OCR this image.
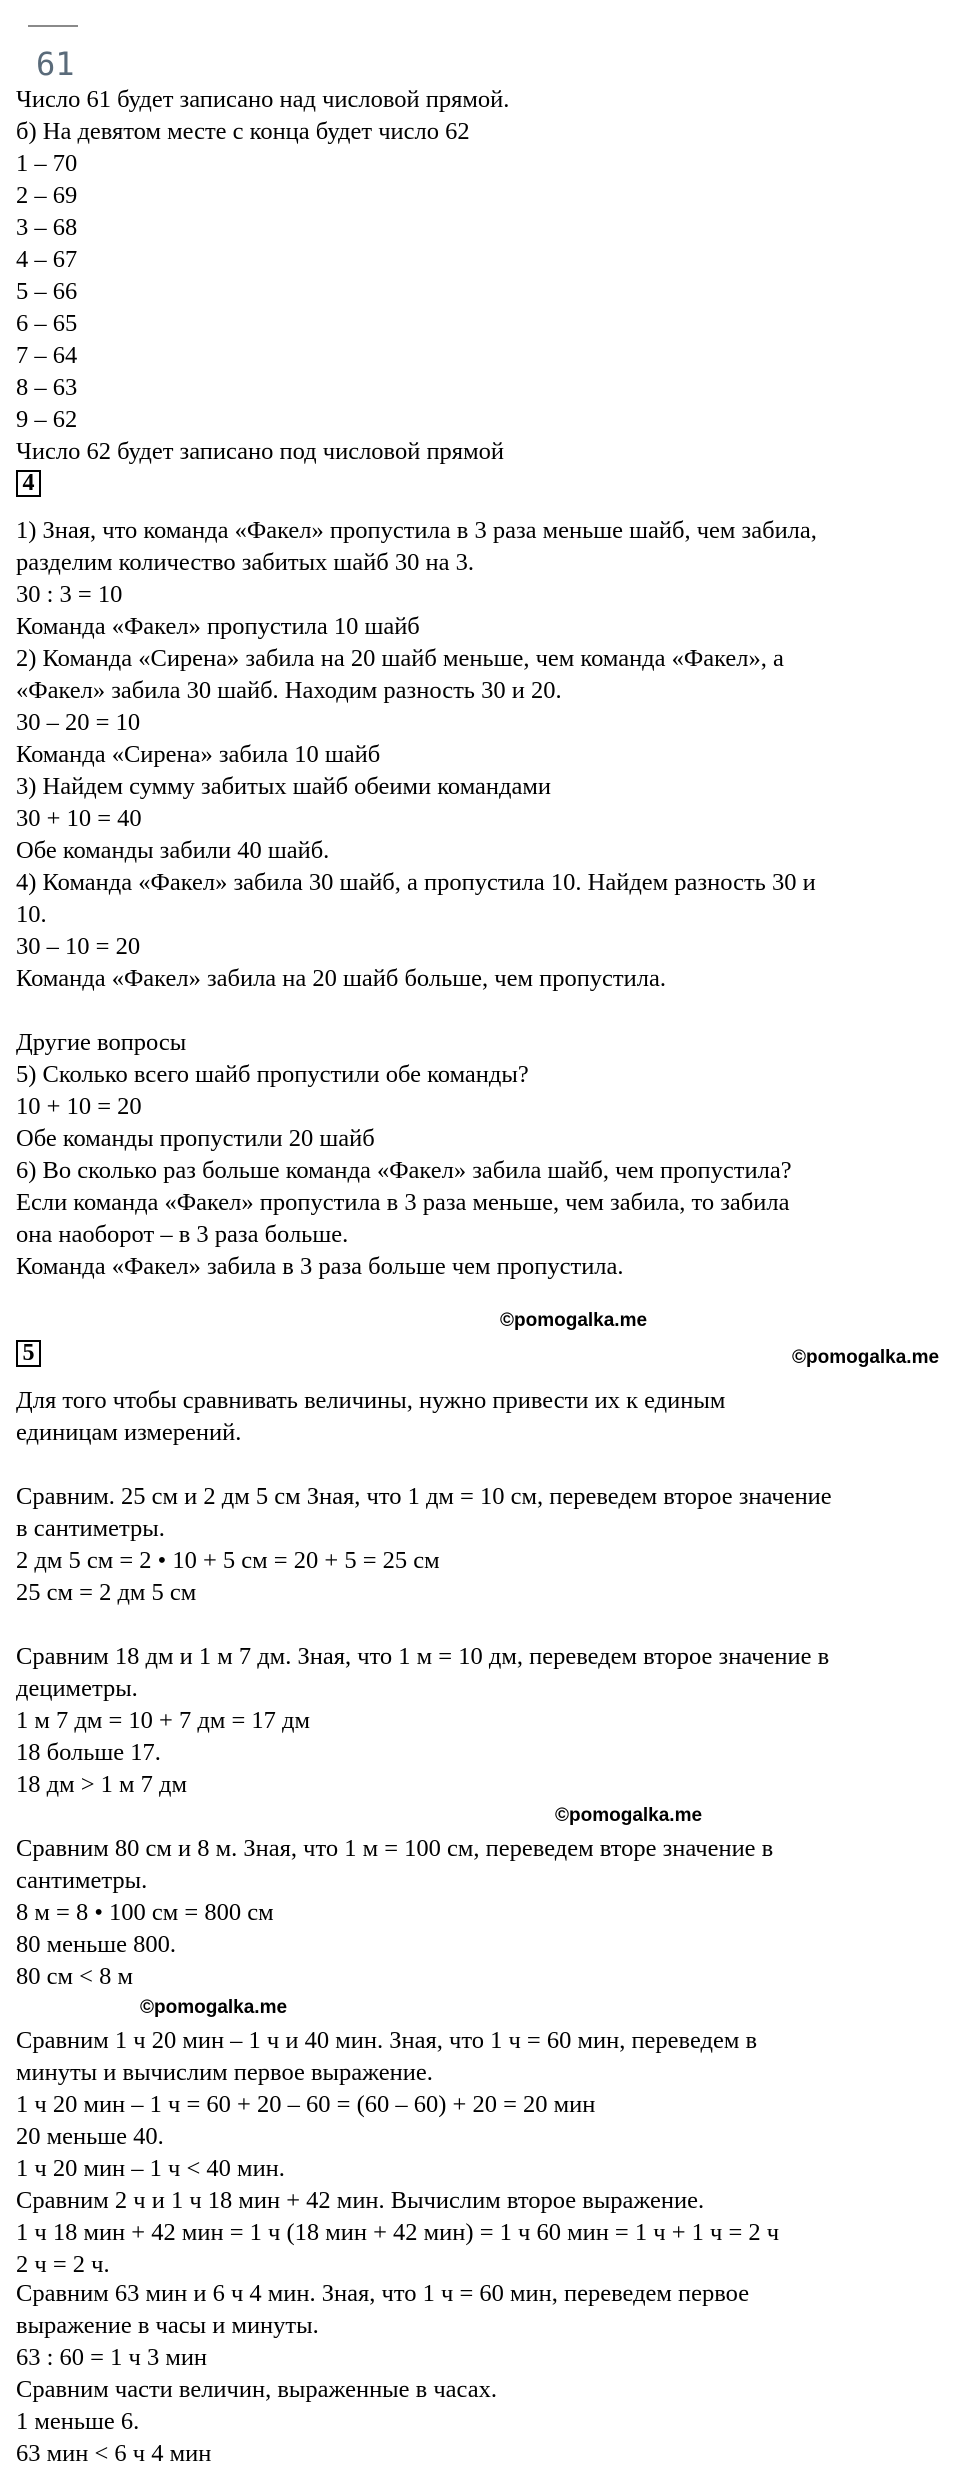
61
Число 61 будет записано над числовой прямой.
б) На девятом месте с конца будет число 62
1 – 70
2 – 69
3 – 68
4 – 67
5 – 66
6 – 65
7 – 64
8 – 63
9 – 62
Число 62 будет записано под числовой прямой
4
1) Зная, что команда «Факел» пропустила в 3 раза меньше шайб, чем забила,
разделим количество забитых шайб 30 на 3.
30 : 3 = 10
Команда «Факел» пропустила 10 шайб
2) Команда «Сирена» забила на 20 шайб меньше, чем команда «Факел», а
«Факел» забила 30 шайб. Находим разность 30 и 20.
30 – 20 = 10
Команда «Сирена» забила 10 шайб
3) Найдем сумму забитых шайб обеими командами
30 + 10 = 40
Обе команды забили 40 шайб.
4) Команда «Факел» забила 30 шайб, а пропустила 10. Найдем разность 30 и
10.
30 – 10 = 20
Команда «Факел» забила на 20 шайб больше, чем пропустила.
Другие вопросы
5) Сколько всего шайб пропустили обе команды?
10 + 10 = 20
Обе команды пропустили 20 шайб
6) Во сколько раз больше команда «Факел» забила шайб, чем пропустила?
Если команда «Факел» пропустила в 3 раза меньше, чем забила, то забила
она наоборот – в 3 раза больше.
Команда «Факел» забила в 3 раза больше чем пропустила.
©pomogalka.me
5	©pomogalka.me
Для того чтобы сравнивать величины, нужно привести их к единым
единицам измерений.
Сравним. 25 см и 2 дм 5 см Зная, что 1 дм = 10 см, переведем второе значение
в сантиметры.
2 дм 5 см = 2 • 10 + 5 см = 20 + 5 = 25 см
25 см = 2 дм 5 см
Сравним 18 дм и 1 м 7 дм. Зная, что 1 м = 10 дм, переведем второе значение в
дециметры.
1 м 7 дм = 10 + 7 дм = 17 дм
18 больше 17.
18 дм > 1 м 7 дм
©pomogalka.me
Сравним 80 см и 8 м. Зная, что 1 м = 100 см, переведем вторе значение в
сантиметры.
8 м = 8 • 100 см = 800 см
80 меньше 800.
80 см < 8 м
©pomogalka.me
Сравним 1 ч 20 мин – 1 ч и 40 мин. Зная, что 1 ч = 60 мин, переведем в
минуты и вычислим первое выражение.
1 ч 20 мин – 1 ч = 60 + 20 – 60 = (60 – 60) + 20 = 20 мин
20 меньше 40.
1 ч 20 мин – 1 ч < 40 мин.
Сравним 2 ч и 1 ч 18 мин + 42 мин. Вычислим второе выражение.
1 ч 18 мин + 42 мин = 1 ч (18 мин + 42 мин) = 1 ч 60 мин = 1 ч + 1 ч = 2 ч
2 ч = 2 ч.
Сравним 63 мин и 6 ч 4 мин. Зная, что 1 ч = 60 мин, переведем первое
выражение в часы и минуты.
63 : 60 = 1 ч 3 мин
Сравним части величин, выраженные в часах.
1 меньше 6.
63 мин < 6 ч 4 мин
